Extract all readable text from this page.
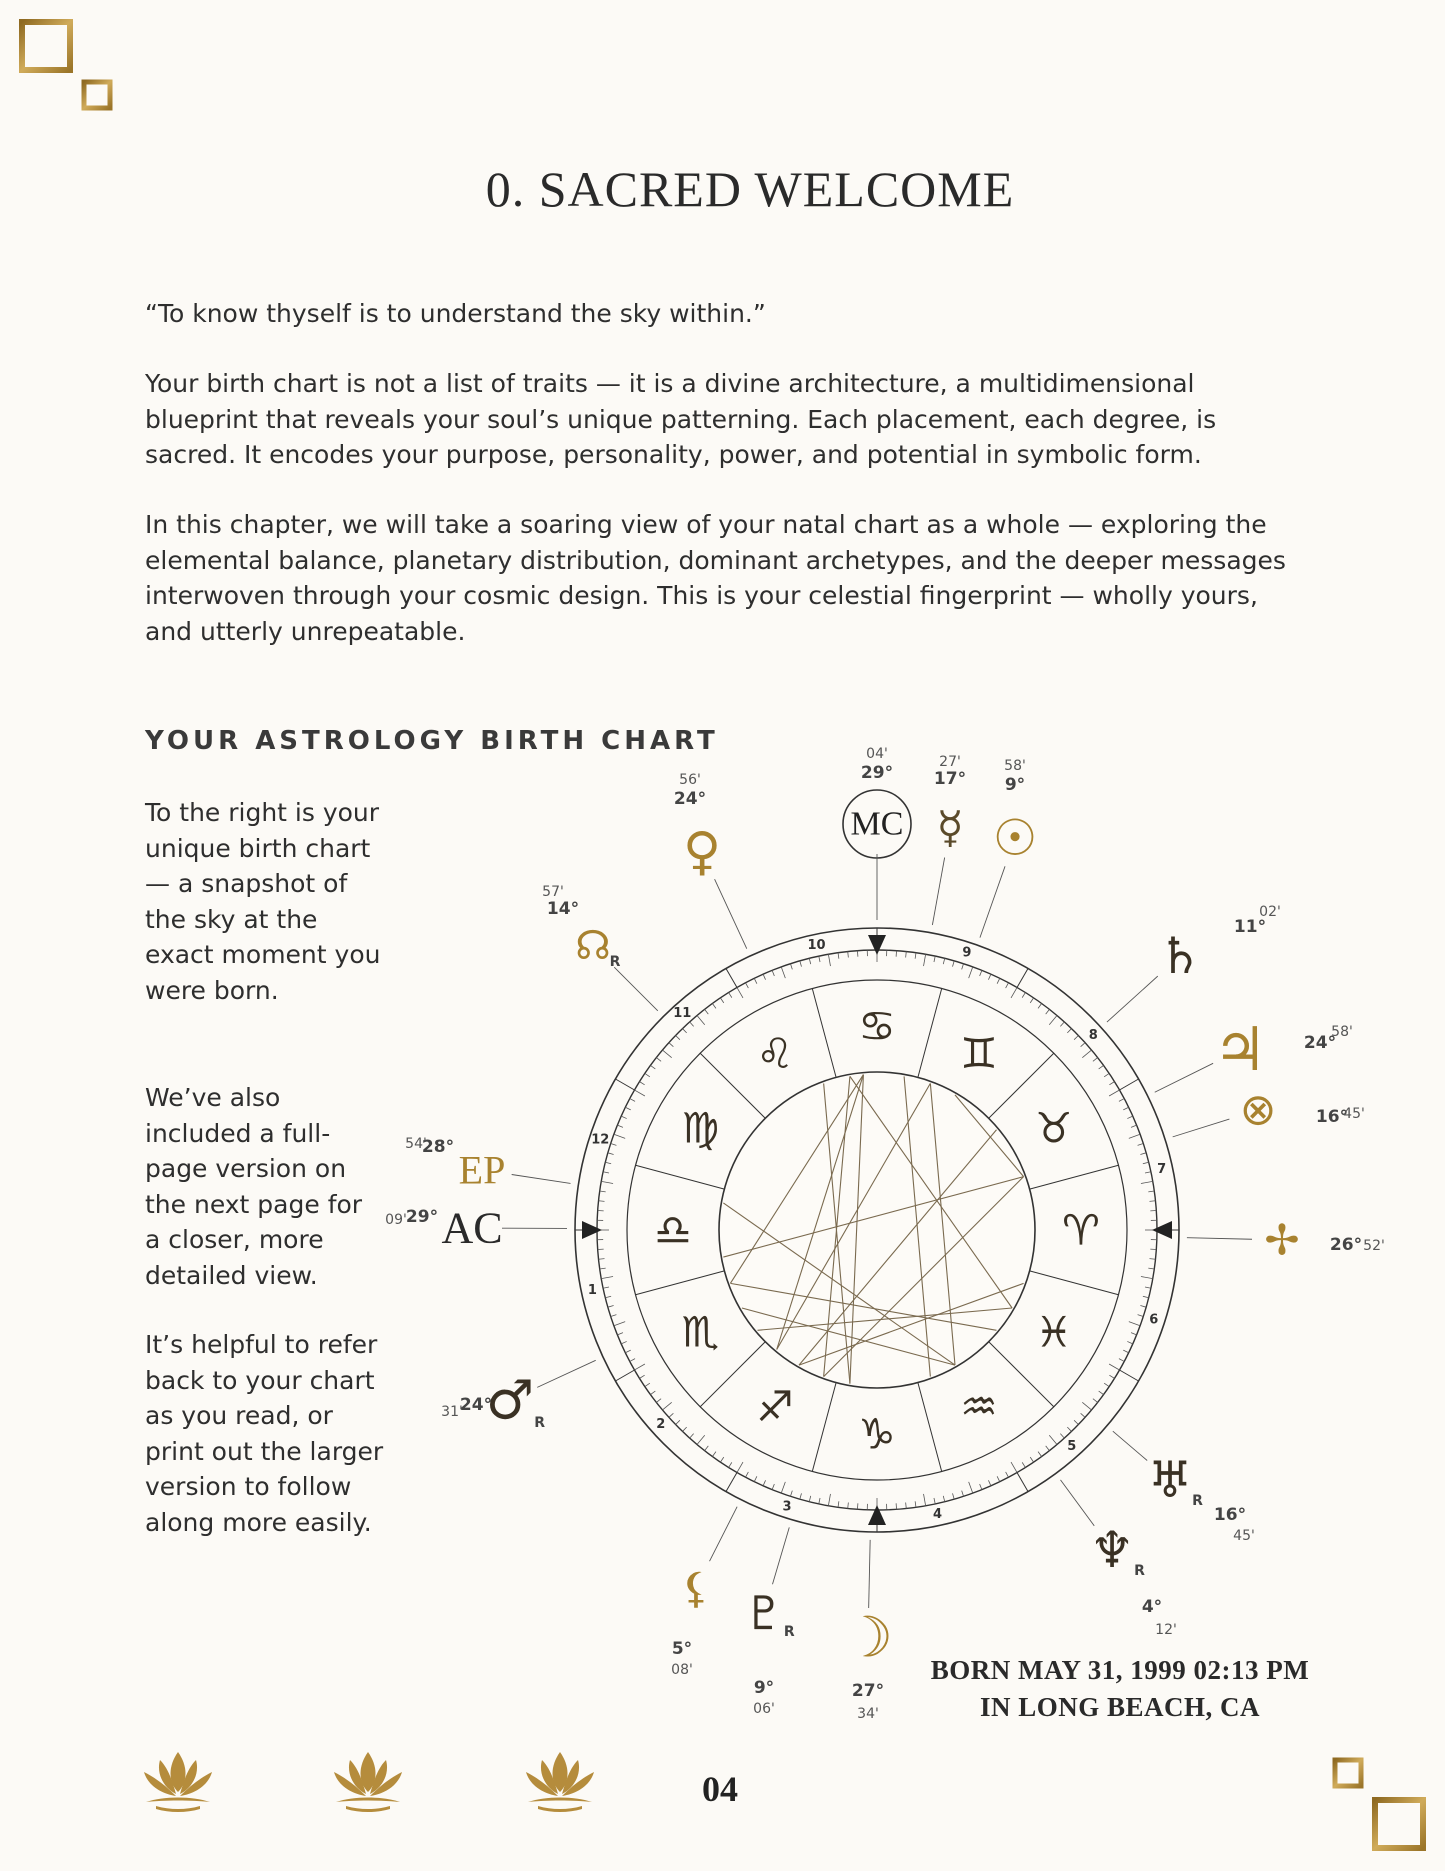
0. SACRED WELCOME
“To know thyself is to understand the sky within.”
Your birth chart is not a list of traits — it is a divine architecture, a multidimensional blueprint that reveals your soul’s unique patterning. Each placement, each degree, is sacred. It encodes your purpose, personality, power, and potential in symbolic form.
In this chapter, we will take a soaring view of your natal chart as a whole — exploring the elemental balance, planetary distribution, dominant archetypes, and the deeper messages interwoven through your cosmic design. This is your celestial fingerprint — wholly yours, and utterly unrepeatable.
YOUR ASTROLOGY BIRTH CHART
To the right is your unique birth chart — a snapshot of the sky at the exact moment you were born.
We’ve also included a full-page version on the next page for a closer, more detailed view.
It’s helpful to refer back to your chart as you read, or print out the larger version to follow along more easily.
1
2
3
4
5
6
7
8
9
10
11
12
♎
♏
♐
♑
♒
♓
♈
♉
♊
♋
♌
♍
MC
29°
04'
☿
17°
27'
☉
9°
58'
♀
24°
56'
☊
14°
57'
R	♄ 11°
02'
♃ 24°
58'
⊗ 16°
45'
EP
28°
54'
AC
29°
09'	✢ 26° 52'
♂
24°
31'
R
♅
16°
45'
R
♆
4°
12'
R
⚸
5°
08'
♇
9°
06'
R ☽
27°
34'
BORN MAY 31, 1999 02:13 PM
IN LONG BEACH, CA
04
